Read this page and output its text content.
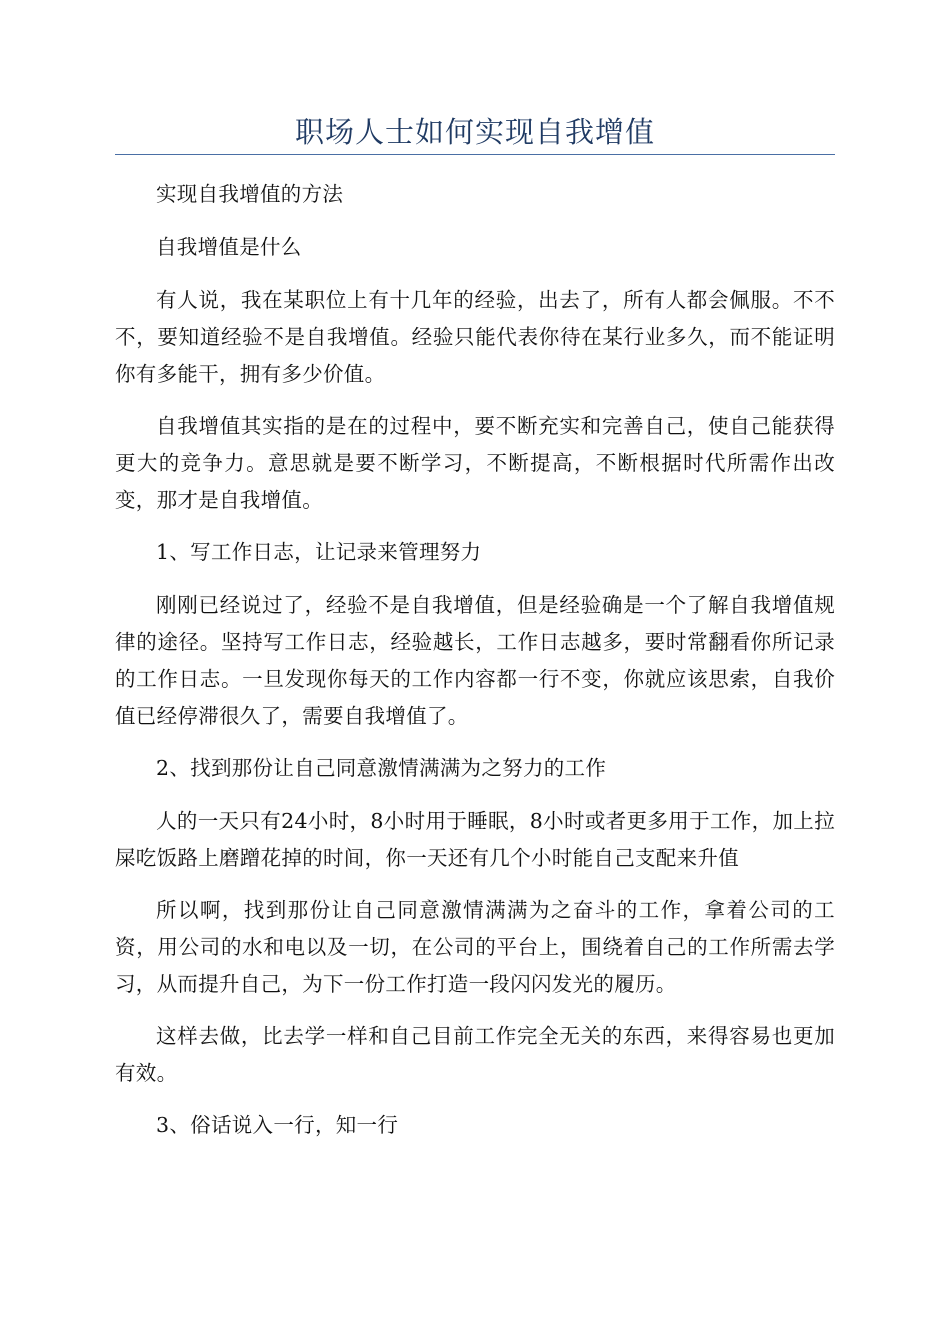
职场人士如何实现自我增值

实现自我增值的方法

自我增值是什么

有人说，我在某职位上有十几年的经验，出去了，所有人都会佩服。不不不，要知道经验不是自我增值。经验只能代表你待在某行业多久，而不能证明你有多能干，拥有多少价值。

自我增值其实指的是在的过程中，要不断充实和完善自己，使自己能获得更大的竞争力。意思就是要不断学习，不断提高，不断根据时代所需作出改变，那才是自我增值。

1、写工作日志，让记录来管理努力

刚刚已经说过了，经验不是自我增值，但是经验确是一个了解自我增值规律的途径。坚持写工作日志，经验越长，工作日志越多，要时常翻看你所记录的工作日志。一旦发现你每天的工作内容都一行不变，你就应该思索，自我价值已经停滞很久了，需要自我增值了。

2、找到那份让自己同意激情满满为之努力的工作

人的一天只有24小时，8小时用于睡眠，8小时或者更多用于工作，加上拉屎吃饭路上磨蹭花掉的时间，你一天还有几个小时能自己支配来升值

所以啊，找到那份让自己同意激情满满为之奋斗的工作，拿着公司的工资，用公司的水和电以及一切，在公司的平台上，围绕着自己的工作所需去学习，从而提升自己，为下一份工作打造一段闪闪发光的履历。

这样去做，比去学一样和自己目前工作完全无关的东西，来得容易也更加有效。

3、俗话说入一行，知一行
